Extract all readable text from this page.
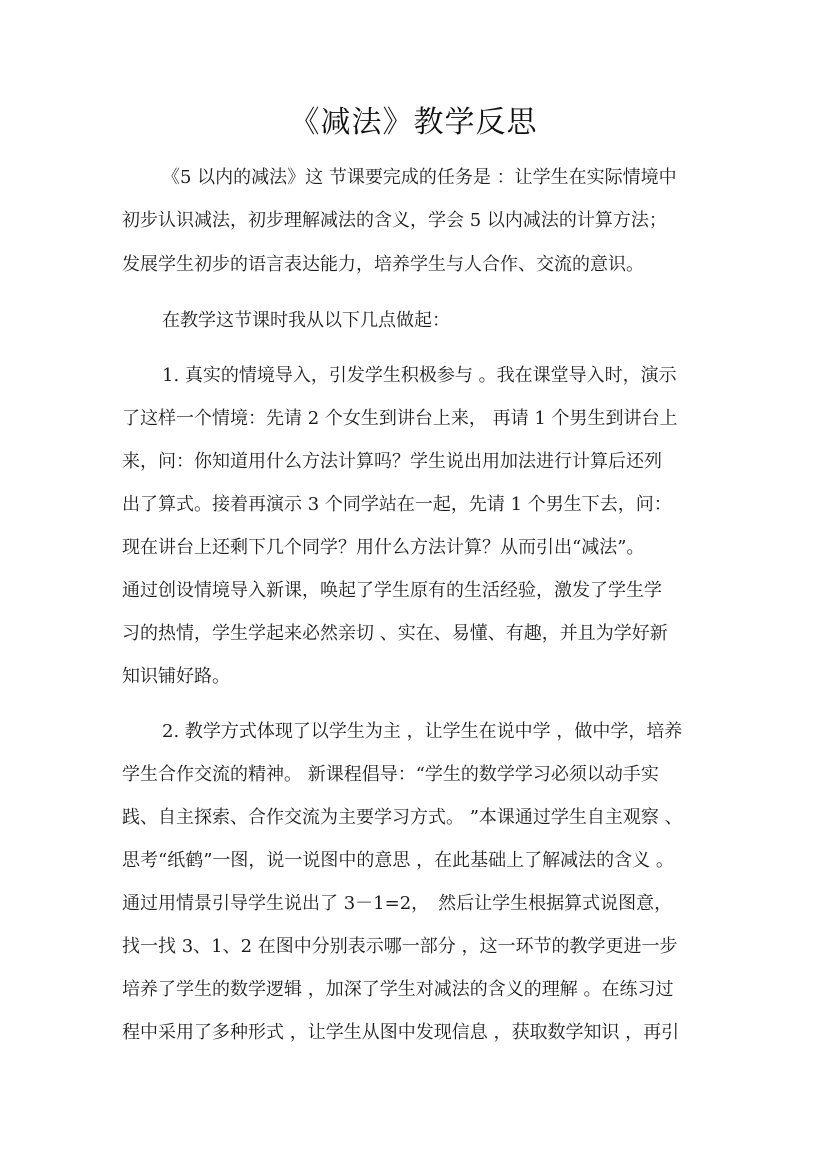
《减法》教学反思
《5 以内的减法》这 节课要完成的任务是 ：让学生在实际情境中
初步认识减法，初步理解减法的含义，学会 5 以内减法的计算方法；
发展学生初步的语言表达能力，培养学生与人合作、交流的意识。
在教学这节课时我从以下几点做起：
1. 真实的情境导入，引发学生积极参与 。我在课堂导入时，演示
了这样一个情境：先请 2 个女生到讲台上来， 再请 1 个男生到讲台上
来，问：你知道用什么方法计算吗？学生说出用加法进行计算后还列
出了算式。接着再演示 3 个同学站在一起，先请 1 个男生下去，问：
现在讲台上还剩下几个同学？用什么方法计算？从而引出“减法”。
通过创设情境导入新课，唤起了学生原有的生活经验，激发了学生学
习的热情，学生学起来必然亲切 、实在、易懂、有趣，并且为学好新
知识铺好路。
2. 教学方式体现了以学生为主 ，让学生在说中学 ，做中学，培养
学生合作交流的精神。 新课程倡导：“学生的数学学习必须以动手实
践、自主探索、合作交流为主要学习方式。 ”本课通过学生自主观察 、
思考“纸鹤”一图，说一说图中的意思 ，在此基础上了解减法的含义 。
通过用情景引导学生说出了 3－1=2，　然后让学生根据算式说图意，
找一找 3、1、2 在图中分别表示哪一部分 ，这一环节的教学更进一步
培养了学生的数学逻辑 ，加深了学生对减法的含义的理解 。在练习过
程中采用了多种形式 ，让学生从图中发现信息 ，获取数学知识 ，再引
